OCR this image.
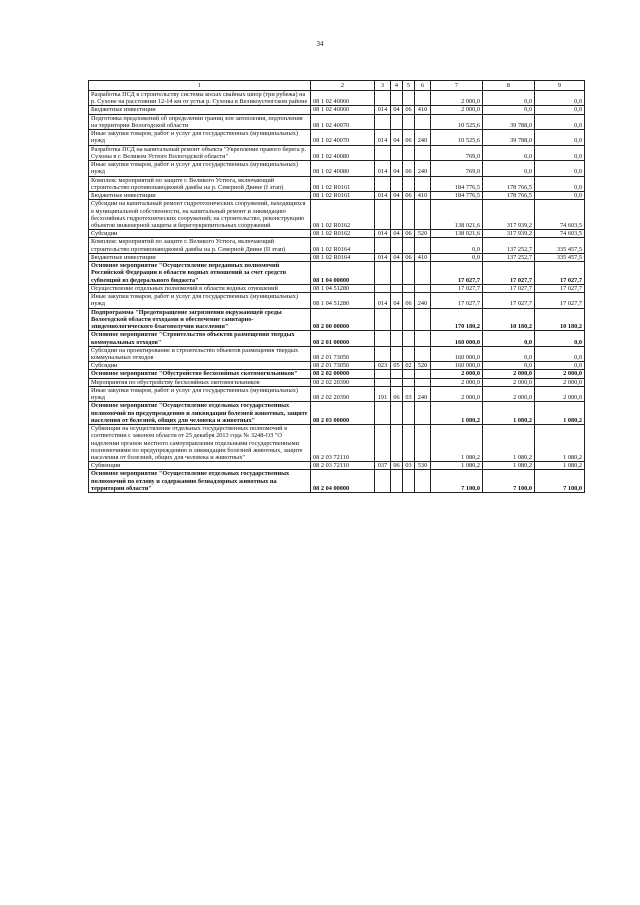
34
1	2	3	4	5	6	7	8	9
Разработка ПСД к строительству системы косых свайных шпор (три рубежа) на р. Сухоне на расстоянии 12-14 км от устья р. Сухоны в Великоустюгском районе	08 1 02 40060					2 000,0	0,0	0,0
Бюджетные инвестиции	08 1 02 40060	014	04	06	410	2 000,0	0,0	0,0
Подготовка предложений об определении границ зон затопления, подтопления на территории Вологодской области	08 1 02 40070					10 525,6	39 788,0	0,0
Иные закупки товаров, работ и услуг для государственных (муниципальных) нужд	08 1 02 40070	014	04	06	240	10 525,6	39 788,0	0,0
Разработка ПСД на капитальный ремонт объекта "Укрепление правого берега р. Сухоны в г. Великом Устюге Вологодской области"	08 1 02 40080					769,0	0,0	0,0
Иные закупки товаров, работ и услуг для государственных (муниципальных) нужд	08 1 02 40080	014	04	06	240	769,0	0,0	0,0
Комплекс мероприятий по защите г. Великого Устюга, включающий строительство противопаводковой дамбы на р. Северной Двине (I этап)	08 1 02 R0161					184 776,5	178 766,5	0,0
Бюджетные инвестиции	08 1 02 R0161	014	04	06	410	184 776,5	178 766,5	0,0
Субсидии на капитальный ремонт гидротехнических сооружений, находящихся в муниципальной собственности, на капитальный ремонт и ликвидацию бесхозяйных гидротехнических сооружений; на строительство, реконструкцию объектов инженерной защиты и берегоукрепительных сооружений	08 1 02 R0162					138 021,6	317 939,2	74 603,5
Субсидии	08 1 02 R0162	014	04	06	520	138 021,6	317 939,2	74 603,5
Комплекс мероприятий по защите г. Великого Устюга, включающий строительство противопаводковой дамбы на р. Северной Двине (II этап)	08 1 02 R0164					0,0	137 252,7	335 457,5
Бюджетные инвестиции	08 1 02 R0164	014	04	06	410	0,0	137 252,7	335 457,5
Основное мероприятие "Осуществление переданных полномочий Российской Федерации в области водных отношений за счет средств субвенций из федерального бюджета"	08 1 04 00000					17 027,7	17 027,7	17 027,7
Осуществление отдельных полномочий в области водных отношений	08 1 04 51280					17 027,7	17 027,7	17 027,7
Иные закупки товаров, работ и услуг для государственных (муниципальных) нужд	08 1 04 51280	014	04	06	240	17 027,7	17 027,7	17 027,7
Подпрограмма "Предотвращение загрязнения окружающей среды Вологодской области отходами и обеспечение санитарно-эпидемиологического благополучия населения"	08 2 00 00000					170 180,2	10 180,2	10 180,2
Основное мероприятие "Строительство объектов размещения твердых коммунальных отходов"	08 2 01 00000					160 000,0	0,0	0,0
Субсидии на проектирование и строительство объектов размещения твердых коммунальных отходов	08 2 01 73050					160 000,0	0,0	0,0
Субсидии	08 2 01 73050	023	05	02	520	160 000,0	0,0	0,0
Основное мероприятие "Обустройство бесхозяйных скотомогильников"	08 2 02 00000					2 000,0	2 000,0	2 000,0
Мероприятия по обустройству бесхозяйных скотомогильников	08 2 02 20390					2 000,0	2 000,0	2 000,0
Иные закупки товаров, работ и услуг для государственных (муниципальных) нужд	08 2 02 20390	191	06	03	240	2 000,0	2 000,0	2 000,0
Основное мероприятие "Осуществление отдельных государственных полномочий по предупреждению и ликвидации болезней животных, защите населения от болезней, общих для человека и животных"	08 2 03 00000					1 080,2	1 080,2	1 080,2
Субвенции на осуществление отдельных государственных полномочий в соответствии с законом области от 25 декабря 2013 года № 3248-ОЗ "О наделении органов местного самоуправления отдельными государственными полномочиями по предупреждению и ликвидации болезней животных, защите населения от болезней, общих для человека и животных"	08 2 03 72110					1 080,2	1 080,2	1 080,2
Субвенции	08 2 03 72110	037	06	03	530	1 080,2	1 080,2	1 080,2
Основное мероприятие "Осуществление отдельных государственных полномочий по отлову и содержанию безнадзорных животных на территории области"	08 2 04 00000					7 100,0	7 100,0	7 100,0
